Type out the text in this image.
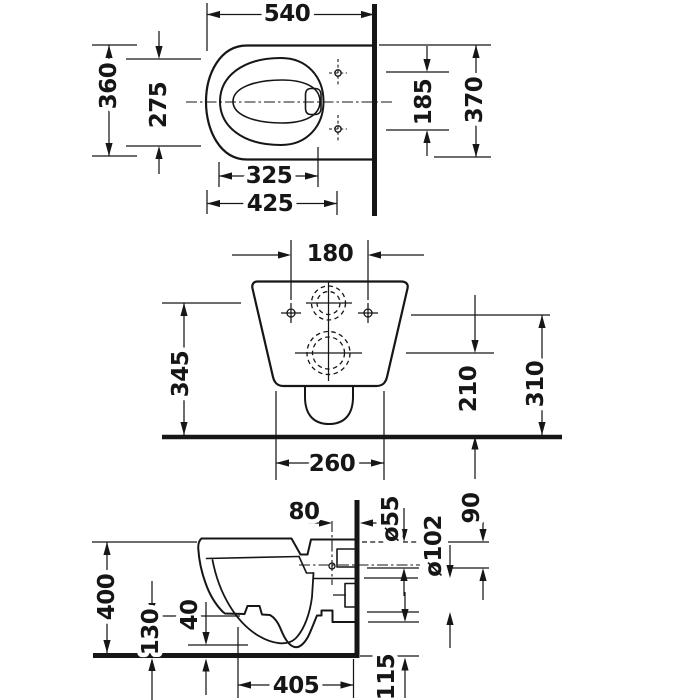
540
360 275	185 370
325
425
180
345	210 310
260
80	ø55 ø102
90
400
130 40
405 115
